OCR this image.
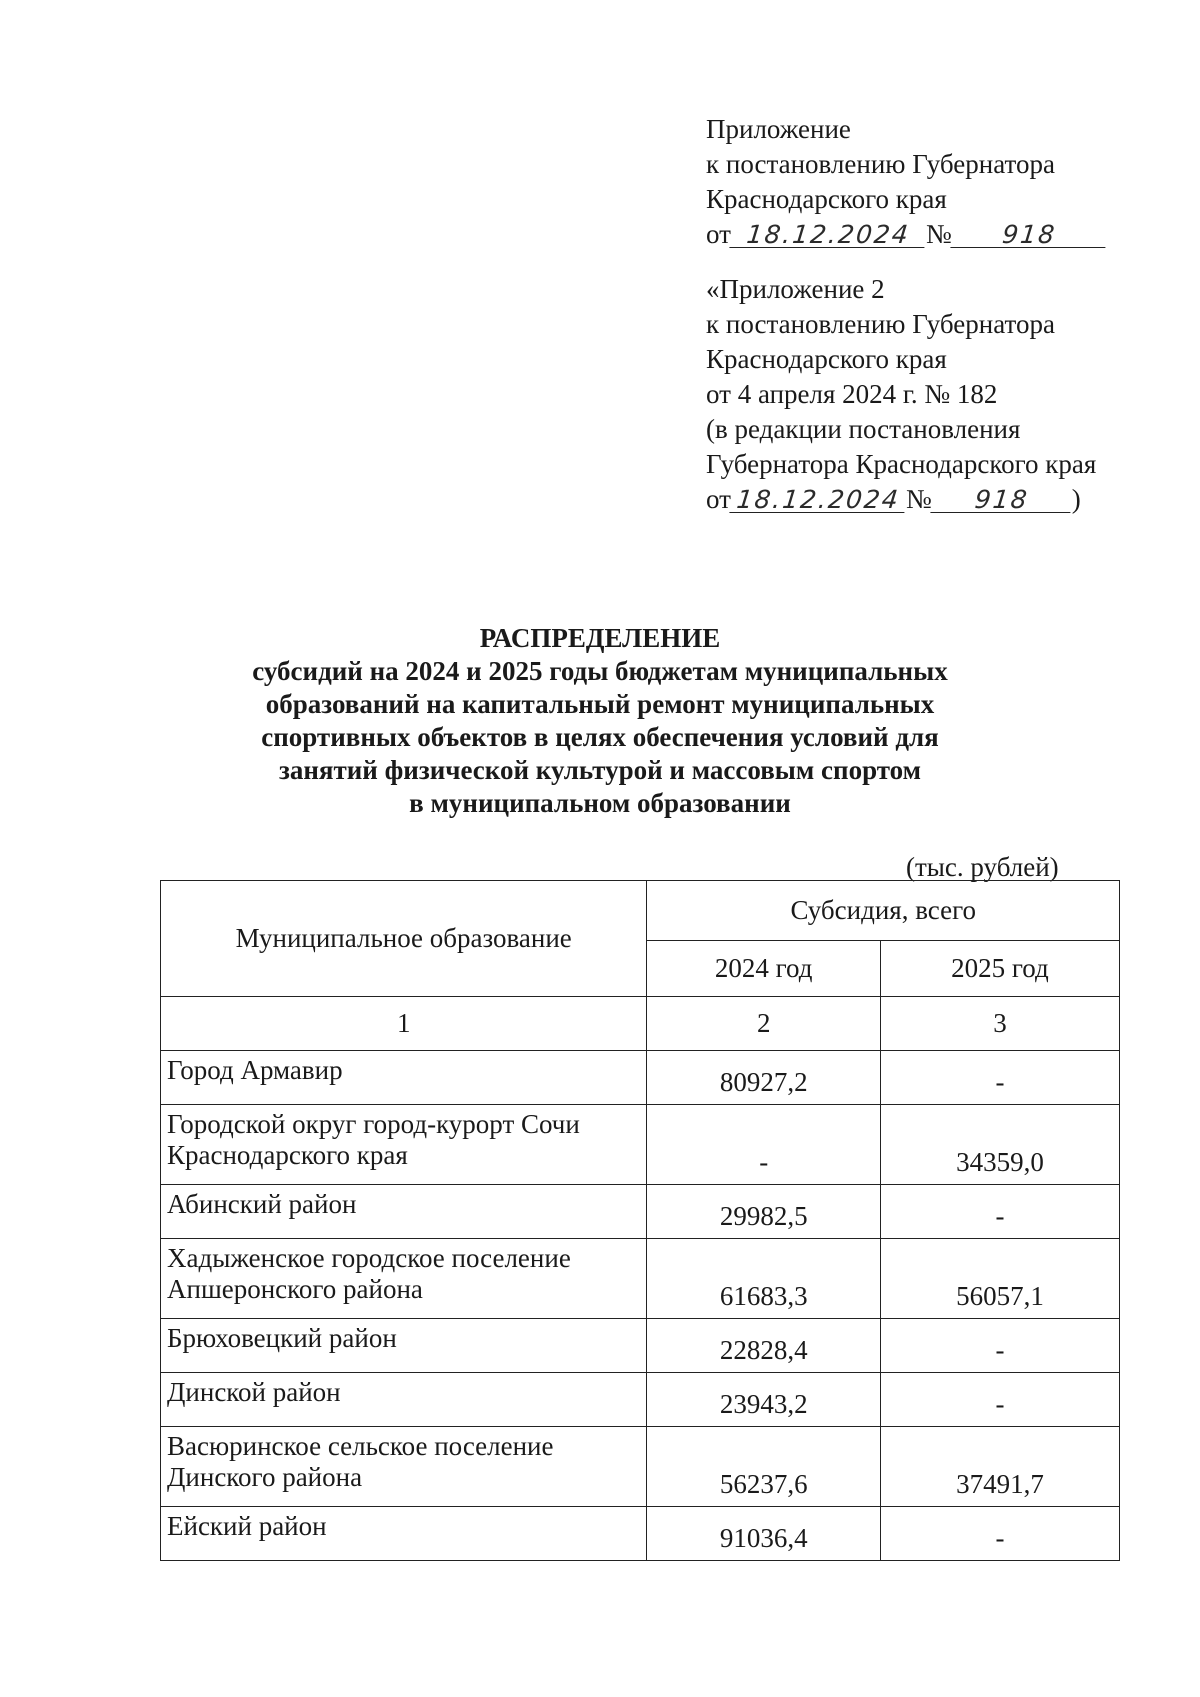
Приложение
к постановлению Губернатора
Краснодарского края
от 18.12.2024 № 918
«Приложение 2
к постановлению Губернатора
Краснодарского края
от 4 апреля 2024 г. № 182
(в редакции постановления
Губернатора Краснодарского края
от 18.12.2024 № 918 )
РАСПРЕДЕЛЕНИЕ
субсидий на 2024 и 2025 годы бюджетам муниципальных
образований на капитальный ремонт муниципальных
спортивных объектов в целях обеспечения условий для
занятий физической культурой и массовым спортом
в муниципальном образовании
(тыс. рублей)
Муниципальное образование	Субсидия, всего	
	2024 год	2025 год
1	2	3
Город Армавир	80927,2	-
Городской округ город-курорт Сочи Краснодарского края	-	34359,0
Абинский район	29982,5	-
Хадыженское городское поселение Апшеронского района	61683,3	56057,1
Брюховецкий район	22828,4	-
Динской район	23943,2	-
Васюринское сельское поселение Динского района	56237,6	37491,7
Ейский район	91036,4	-
